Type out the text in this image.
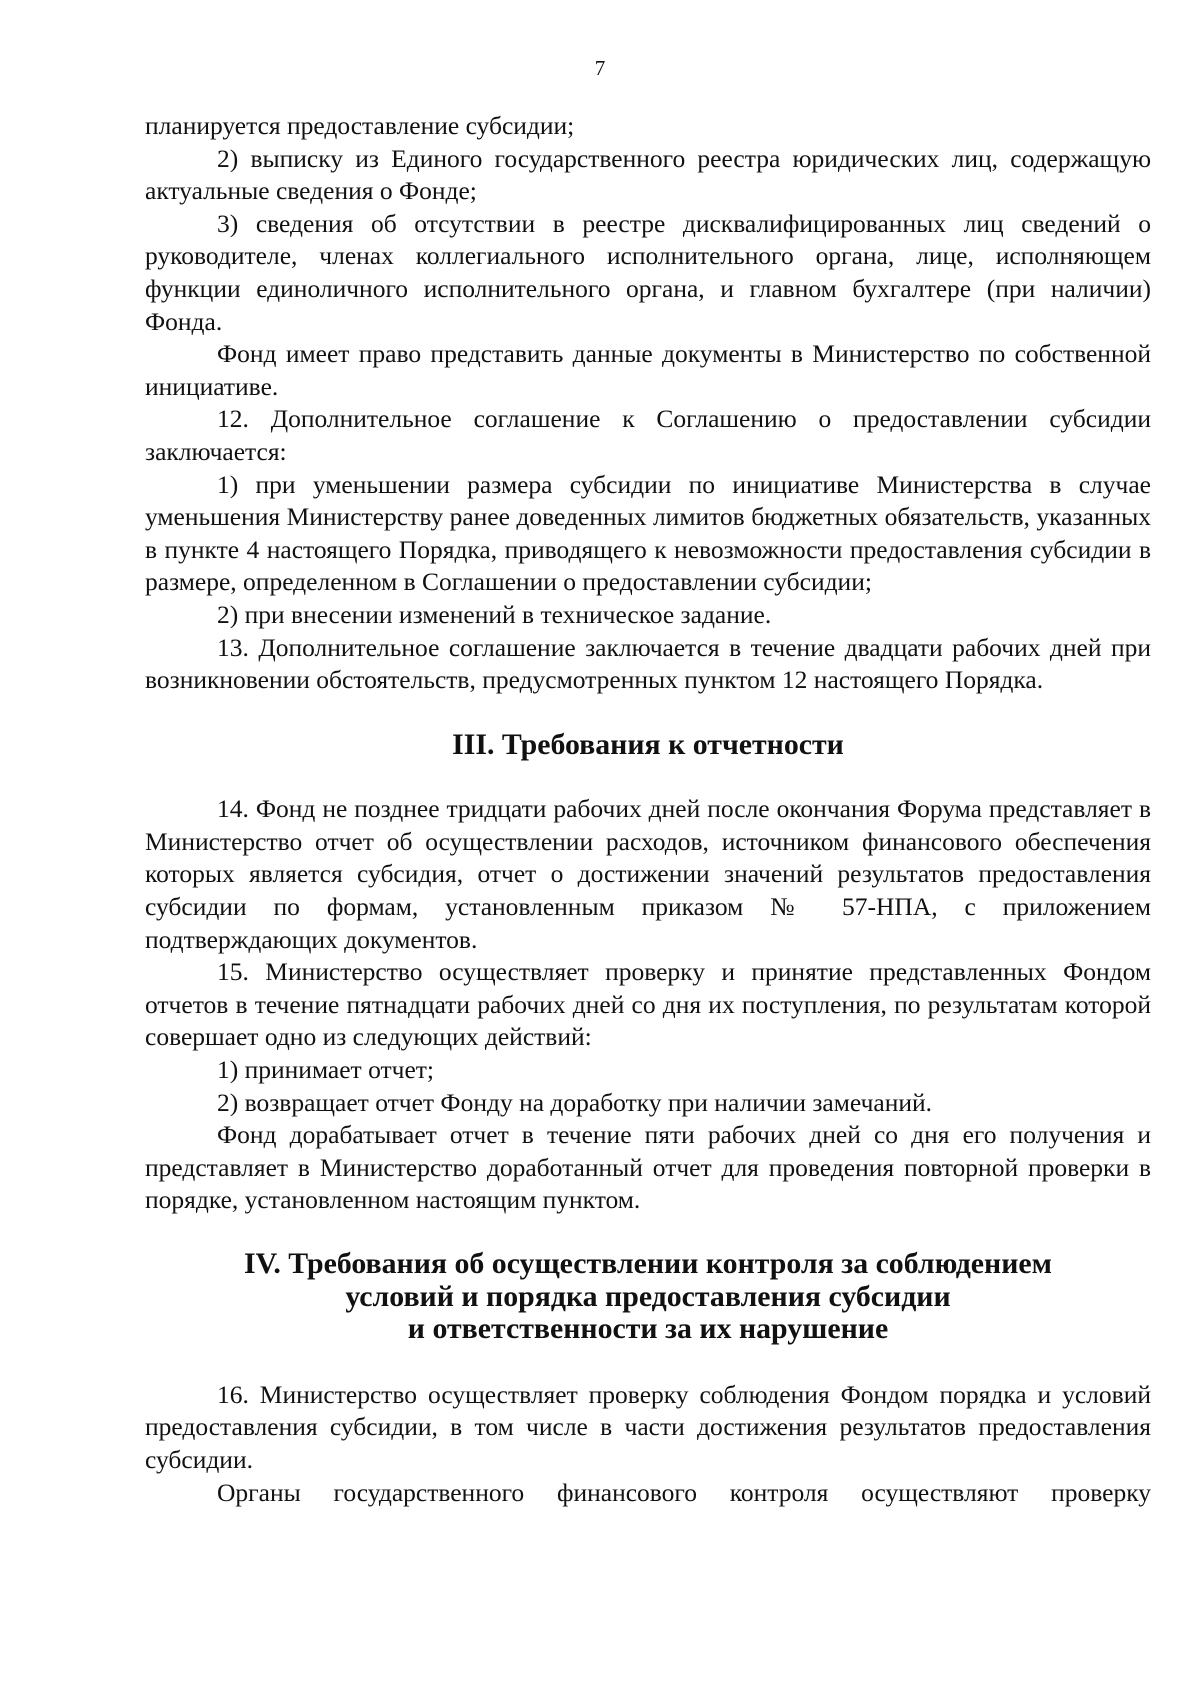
7

планируется предоставление субсидии;

2) выписку из Единого государственного реестра юридических лиц, содержащую актуальные сведения о Фонде;

3) сведения об отсутствии в реестре дисквалифицированных лиц сведений о руководителе, членах коллегиального исполнительного органа, лице, исполняющем функции единоличного исполнительного органа, и главном бухгалтере (при наличии) Фонда.

Фонд имеет право представить данные документы в Министерство по собственной инициативе.

12. Дополнительное соглашение к Соглашению о предоставлении субсидии заключается:

1) при уменьшении размера субсидии по инициативе Министерства в случае уменьшения Министерству ранее доведенных лимитов бюджетных обязательств, указанных в пункте 4 настоящего Порядка, приводящего к невозможности предоставления субсидии в размере, определенном в Соглашении о предоставлении субсидии;

2) при внесении изменений в техническое задание.

13. Дополнительное соглашение заключается в течение двадцати рабочих дней при возникновении обстоятельств, предусмотренных пунктом 12 настоящего Порядка.

III. Требования к отчетности

14. Фонд не позднее тридцати рабочих дней после окончания Форума представляет в Министерство отчет об осуществлении расходов, источником финансового обеспечения которых является субсидия, отчет о достижении значений результатов предоставления субсидии по формам, установленным приказом № 57-НПА, с приложением подтверждающих документов.

15. Министерство осуществляет проверку и принятие представленных Фондом отчетов в течение пятнадцати рабочих дней со дня их поступления, по результатам которой совершает одно из следующих действий:

1) принимает отчет;

2) возвращает отчет Фонду на доработку при наличии замечаний.

Фонд дорабатывает отчет в течение пяти рабочих дней со дня его получения и представляет в Министерство доработанный отчет для проведения повторной проверки в порядке, установленном настоящим пунктом.

IV. Требования об осуществлении контроля за соблюдением
условий и порядка предоставления субсидии
и ответственности за их нарушение

16. Министерство осуществляет проверку соблюдения Фондом порядка и условий предоставления субсидии, в том числе в части достижения результатов предоставления субсидии.

Органы государственного финансового контроля осуществляют проверку
